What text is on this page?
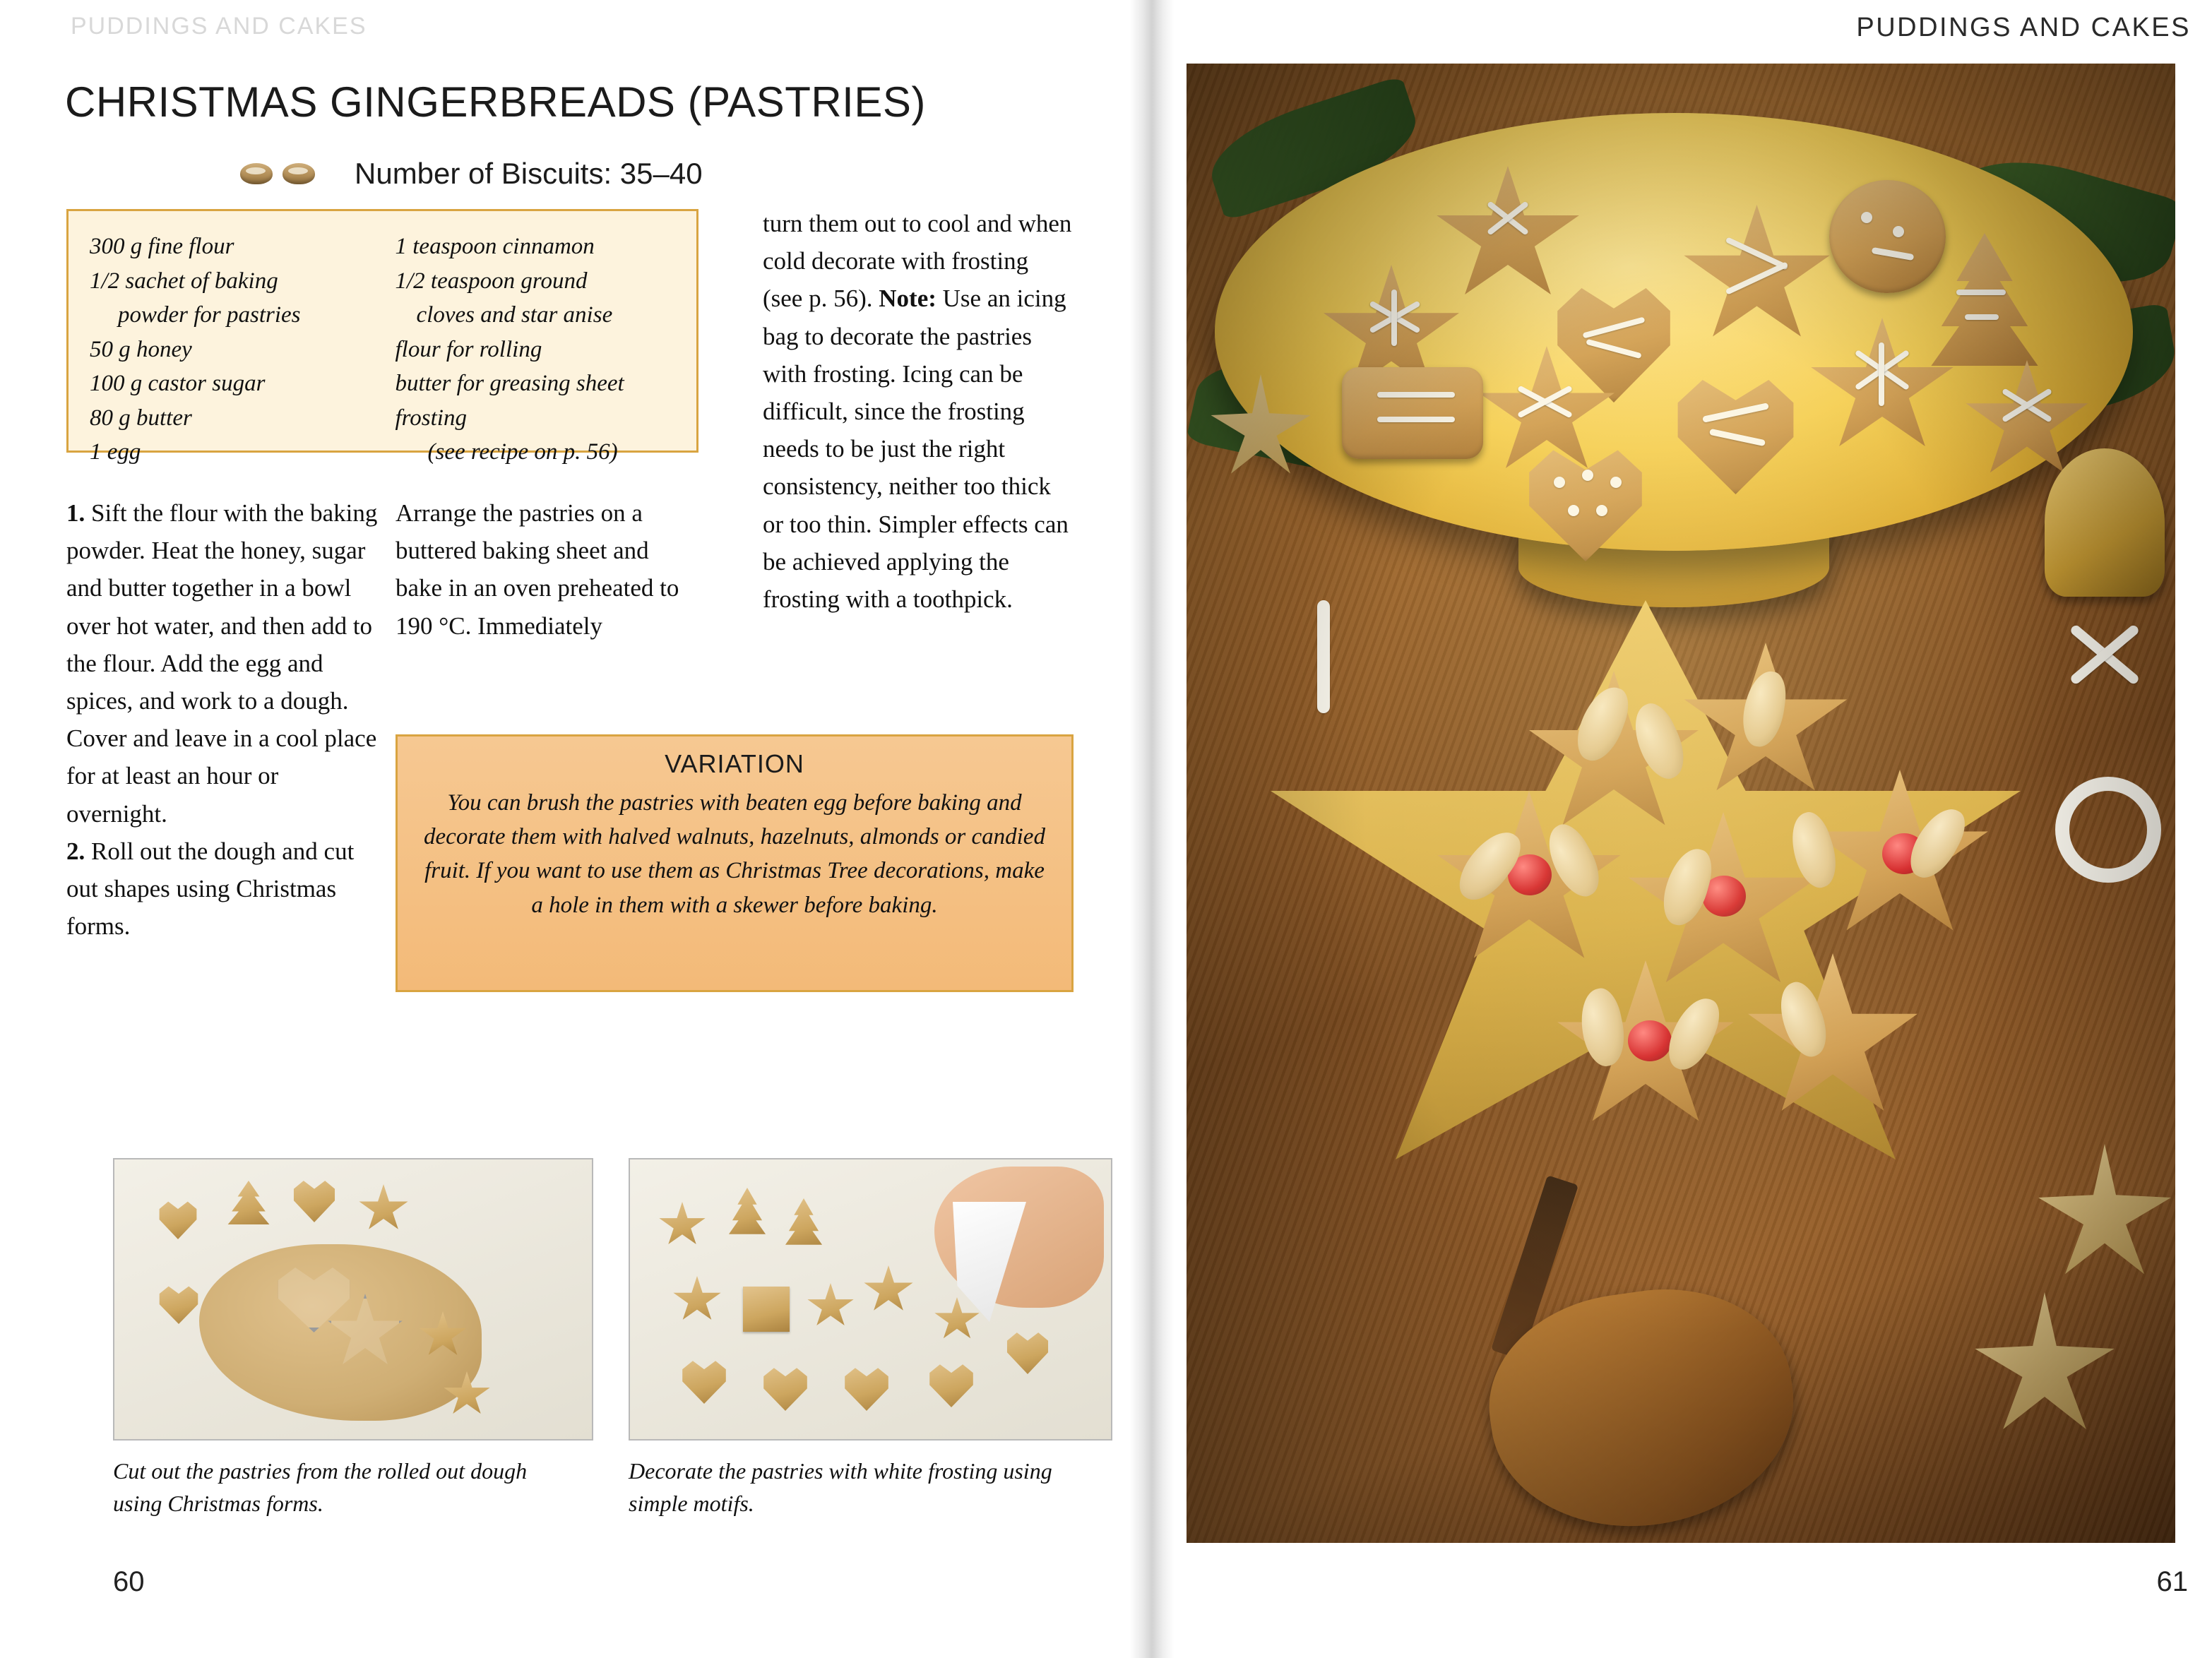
PUDDINGS AND CAKES
CHRISTMAS GINGERBREADS (PASTRIES)
Number of Biscuits: 35–40
300 g fine flour
1/2 sachet of baking
powder for pastries
50 g honey
100 g castor sugar
80 g butter
1 egg
1 teaspoon cinnamon
1/2 teaspoon ground
cloves and star anise
flour for rolling
butter for greasing sheet
frosting
(see recipe on p. 56)
1. Sift the flour with the baking powder. Heat the honey, sugar and butter together in a bowl over hot water, and then add to the flour. Add the egg and spices, and work to a dough. Cover and leave in a cool place for at least an hour or overnight.
2. Roll out the dough and cut out shapes using Christmas forms.
Arrange the pastries on a buttered baking sheet and bake in an oven preheated to 190 °C. Immediately
turn them out to cool and when cold decorate with frosting (see p. 56). Note: Use an icing bag to decorate the pastries with frosting. Icing can be difficult, since the frosting needs to be just the right consistency, neither too thick or too thin. Simpler effects can be achieved applying the frosting with a toothpick.
VARIATION
You can brush the pastries with beaten egg before baking and decorate them with halved walnuts, hazelnuts, almonds or candied fruit. If you want to use them as Christmas Tree decorations, make a hole in them with a skewer before baking.
Cut out the pastries from the rolled out dough using Christmas forms.
Decorate the pastries with white frosting using simple motifs.
60
PUDDINGS AND CAKES
61
